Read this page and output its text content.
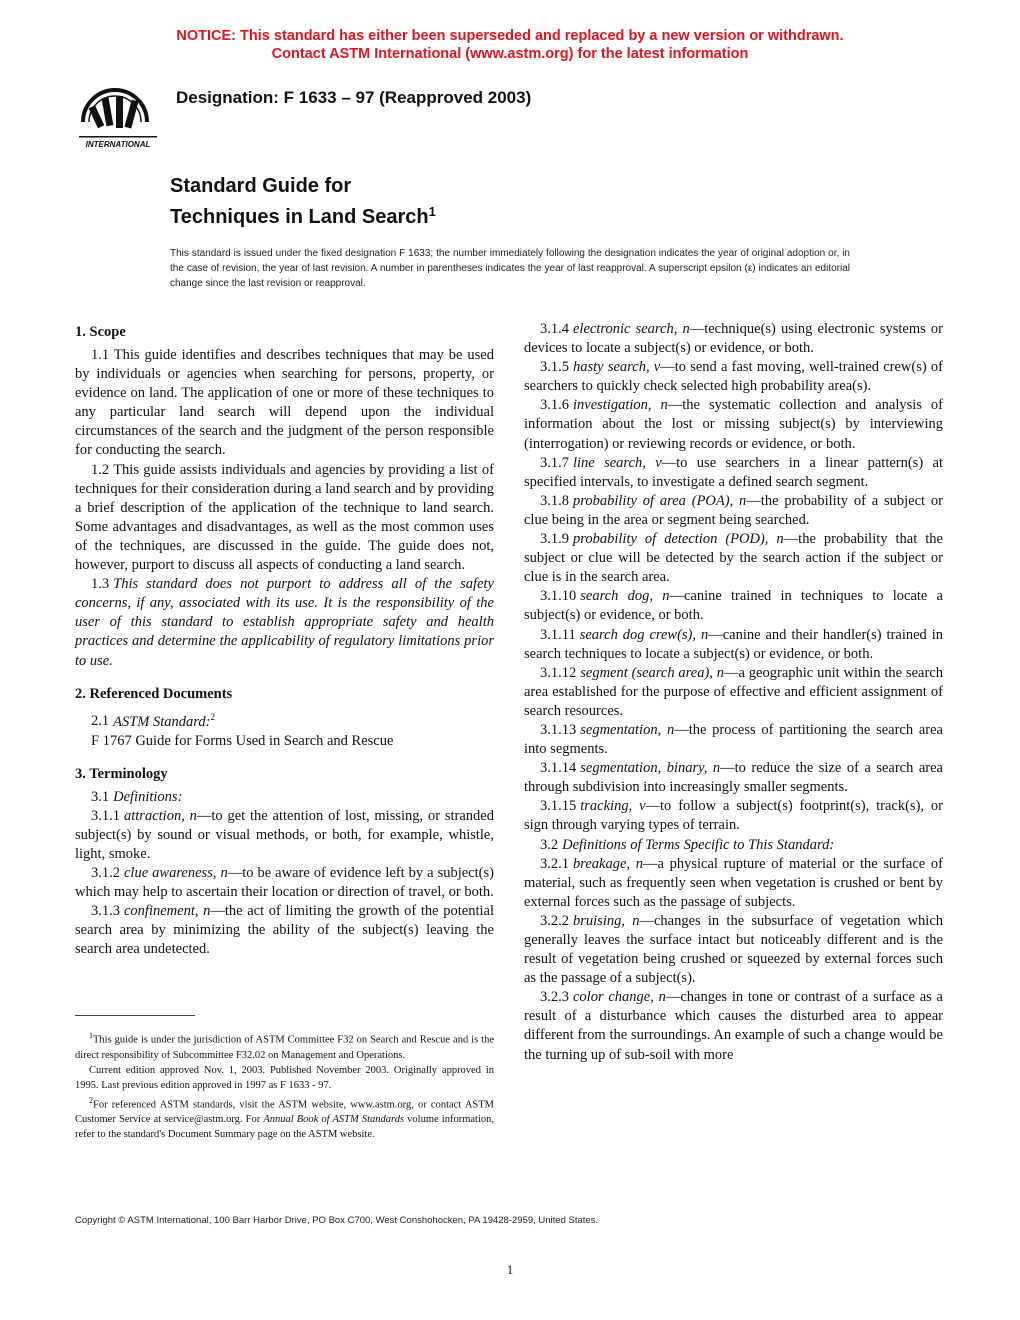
NOTICE: This standard has either been superseded and replaced by a new version or withdrawn.
Contact ASTM International (www.astm.org) for the latest information
INTERNATIONAL
Designation: F 1633 – 97 (Reapproved 2003)
Standard Guide for
Techniques in Land Search$^1$
This standard is issued under the fixed designation F 1633; the number immediately following the designation indicates the year of original adoption or, in the case of revision, the year of last revision. A number in parentheses indicates the year of last reapproval. A superscript epsilon (ε) indicates an editorial change since the last revision or reapproval.
1. Scope

1.1 This guide identifies and describes techniques that may be used by individuals or agencies when searching for persons, property, or evidence on land. The application of one or more of these techniques to any particular land search will depend upon the individual circumstances of the search and the judgment of the person responsible for conducting the search.

1.2 This guide assists individuals and agencies by providing a list of techniques for their consideration during a land search and by providing a brief description of the application of the technique to land search. Some advantages and disadvantages, as well as the most common uses of the techniques, are discussed in the guide. The guide does not, however, purport to discuss all aspects of conducting a land search.

1.3 This standard does not purport to address all of the safety concerns, if any, associated with its use. It is the responsibility of the user of this standard to establish appropriate safety and health practices and determine the applicability of regulatory limitations prior to use.

2. Referenced Documents

2.1 ASTM Standard:$^2$

F 1767 Guide for Forms Used in Search and Rescue

3. Terminology

3.1 Definitions:

3.1.1 attraction, n—to get the attention of lost, missing, or stranded subject(s) by sound or visual methods, or both, for example, whistle, light, smoke.

3.1.2 clue awareness, n—to be aware of evidence left by a subject(s) which may help to ascertain their location or direction of travel, or both.

3.1.3 confinement, n—the act of limiting the growth of the potential search area by minimizing the ability of the subject(s) leaving the search area undetected.

3.1.4 electronic search, n—technique(s) using electronic systems or devices to locate a subject(s) or evidence, or both.

3.1.5 hasty search, v—to send a fast moving, well-trained crew(s) of searchers to quickly check selected high probability area(s).

3.1.6 investigation, n—the systematic collection and analysis of information about the lost or missing subject(s) by interviewing (interrogation) or reviewing records or evidence, or both.

3.1.7 line search, v—to use searchers in a linear pattern(s) at specified intervals, to investigate a defined search segment.

3.1.8 probability of area (POA), n—the probability of a subject or clue being in the area or segment being searched.

3.1.9 probability of detection (POD), n—the probability that the subject or clue will be detected by the search action if the subject or clue is in the search area.

3.1.10 search dog, n—canine trained in techniques to locate a subject(s) or evidence, or both.

3.1.11 search dog crew(s), n—canine and their handler(s) trained in search techniques to locate a subject(s) or evidence, or both.

3.1.12 segment (search area), n—a geographic unit within the search area established for the purpose of effective and efficient assignment of search resources.

3.1.13 segmentation, n—the process of partitioning the search area into segments.

3.1.14 segmentation, binary, n—to reduce the size of a search area through subdivision into increasingly smaller segments.

3.1.15 tracking, v—to follow a subject(s) footprint(s), track(s), or sign through varying types of terrain.

3.2 Definitions of Terms Specific to This Standard:

3.2.1 breakage, n—a physical rupture of material or the surface of material, such as frequently seen when vegetation is crushed or bent by external forces such as the passage of subjects.

3.2.2 bruising, n—changes in the subsurface of vegetation which generally leaves the surface intact but noticeably different and is the result of vegetation being crushed or squeezed by external forces such as the passage of a subject(s).

3.2.3 color change, n—changes in tone or contrast of a surface as a result of a disturbance which causes the disturbed area to appear different from the surroundings. An example of such a change would be the turning up of sub-soil with more

$^1$This guide is under the jurisdiction of ASTM Committee F32 on Search and Rescue and is the direct responsibility of Subcommittee F32.02 on Management and Operations.

Current edition approved Nov. 1, 2003. Published November 2003. Originally approved in 1995. Last previous edition approved in 1997 as F 1633 - 97.

$^2$For referenced ASTM standards, visit the ASTM website, www.astm.org, or contact ASTM Customer Service at service@astm.org. For Annual Book of ASTM Standards volume information, refer to the standard's Document Summary page on the ASTM website.

Copyright © ASTM International, 100 Barr Harbor Drive, PO Box C700, West Conshohocken, PA 19428-2959, United States.
1
